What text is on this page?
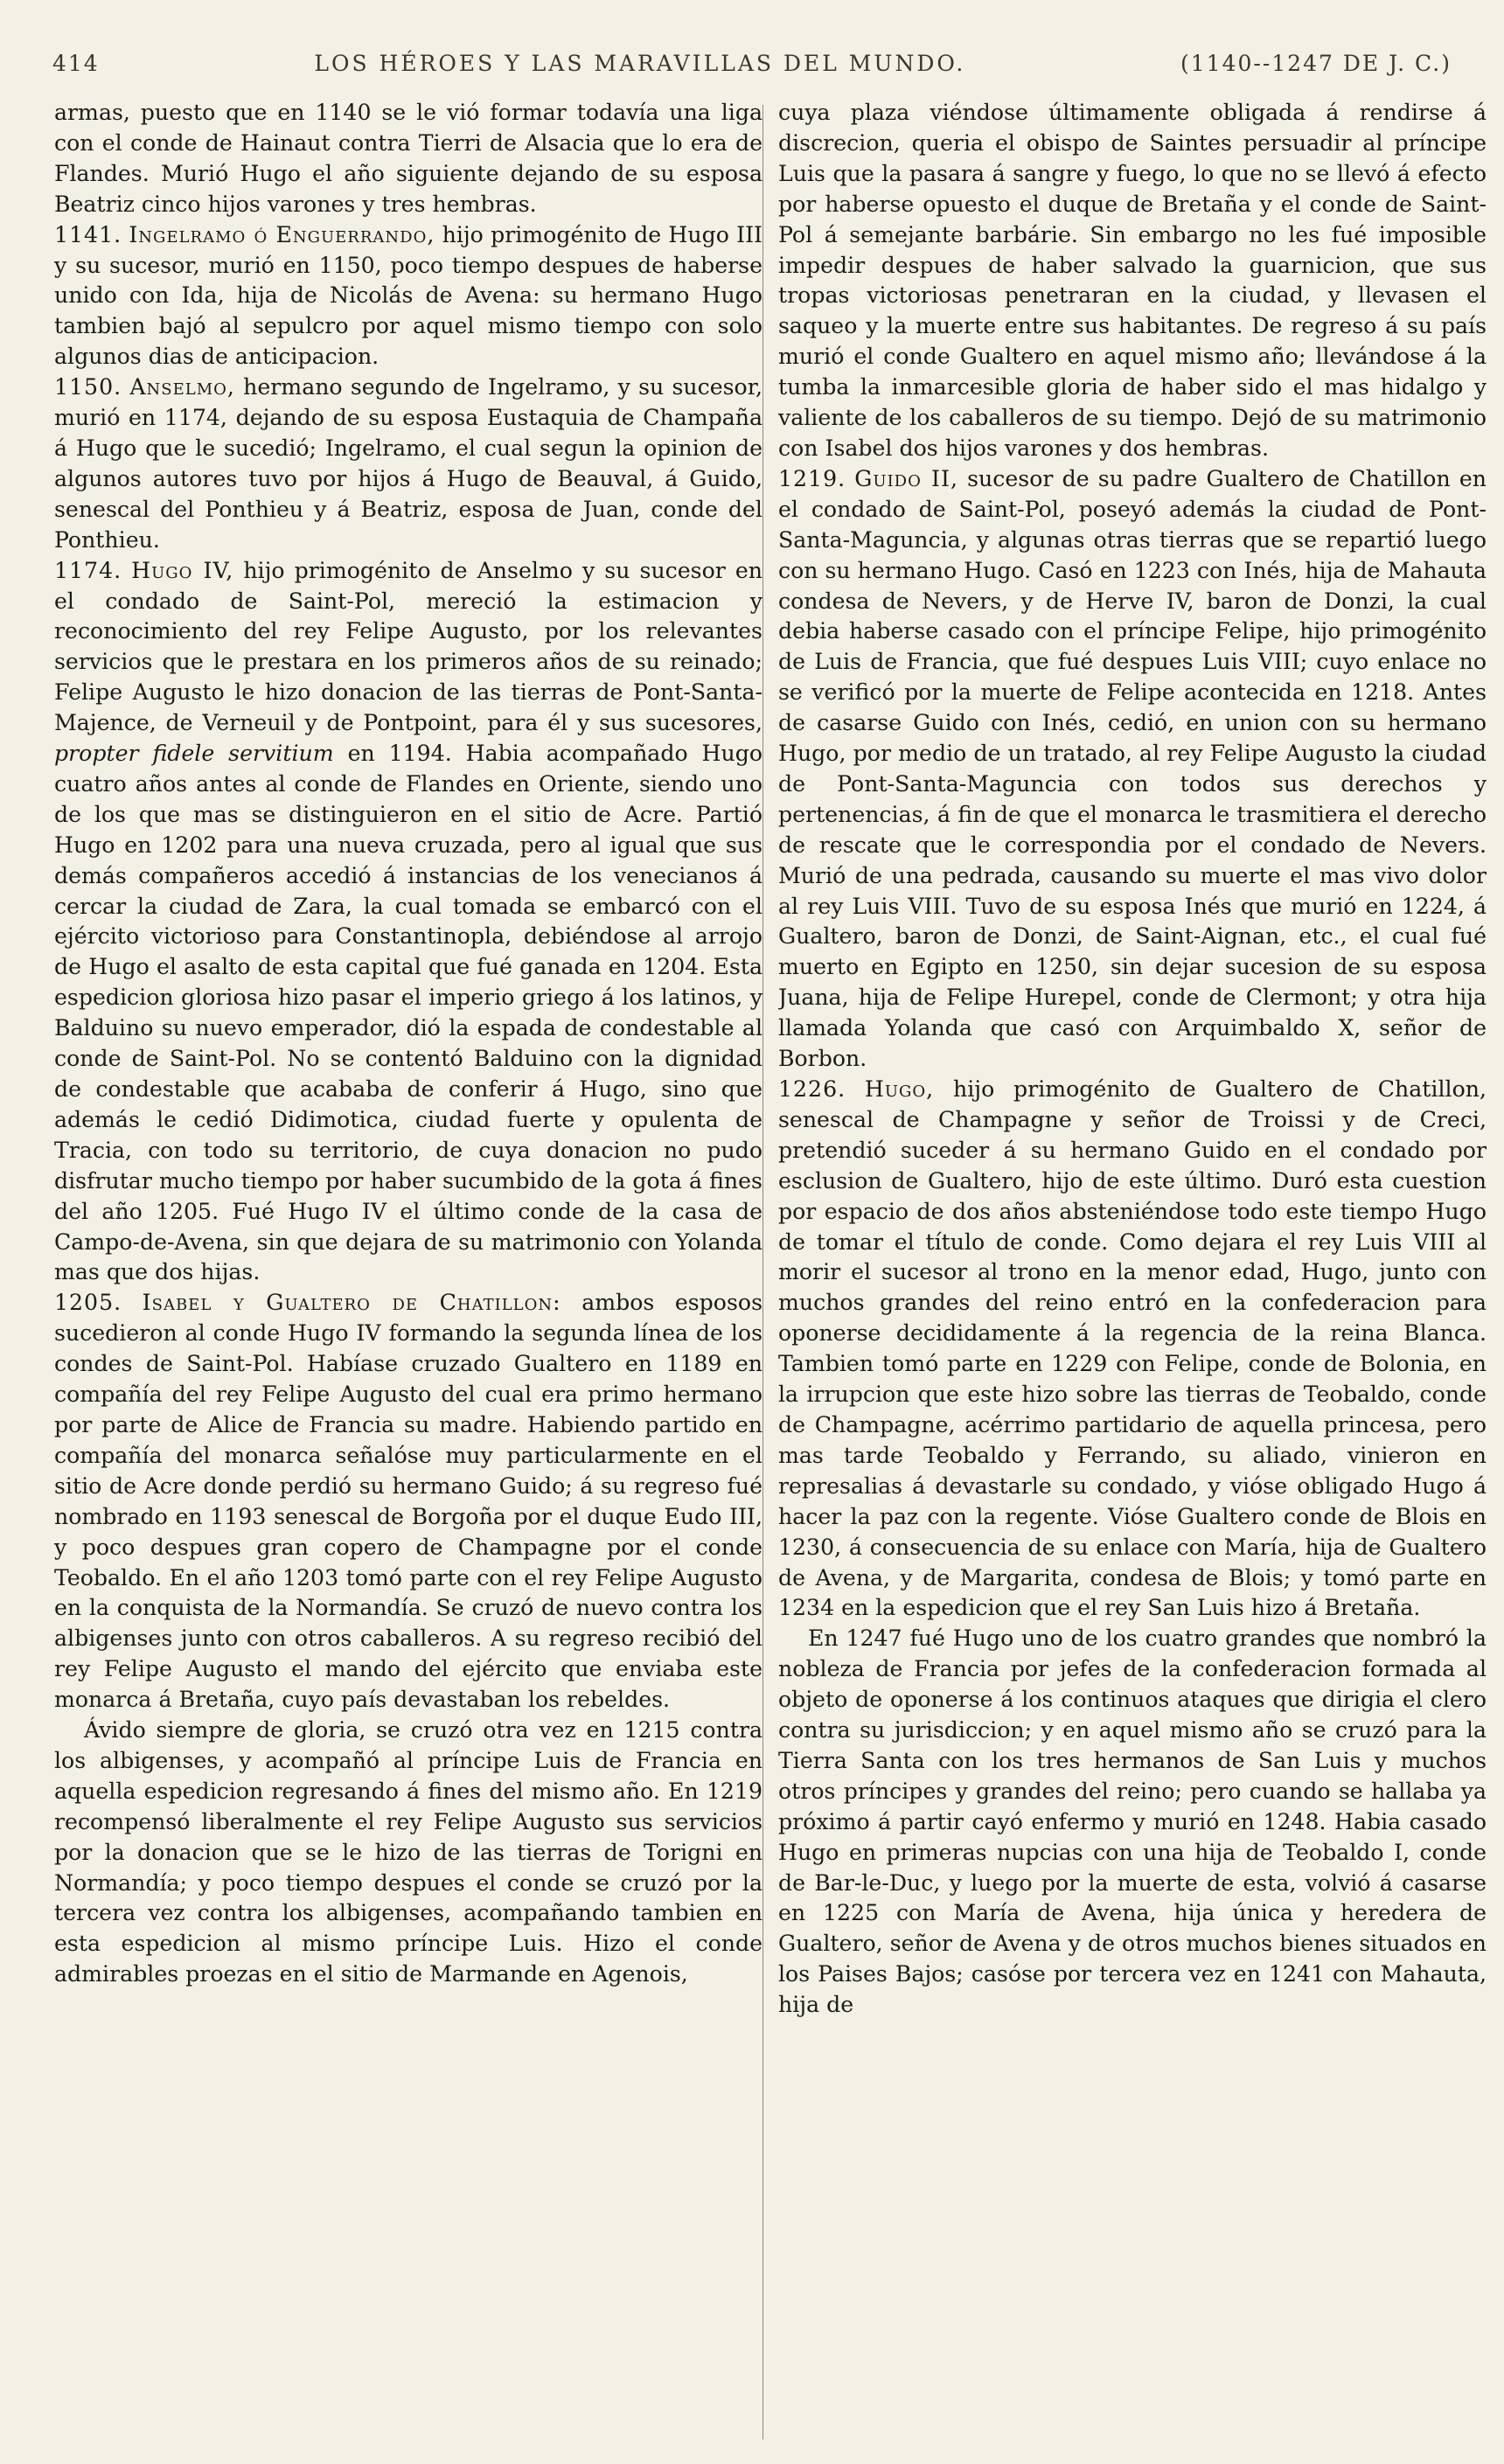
414	LOS HÉROES Y LAS MARAVILLAS DEL MUNDO.	(1140--1247 DE J. C.)

armas, puesto que en 1140 se le vió formar todavía una liga con el conde de Hainaut contra Tierri de Alsacia que lo era de Flandes. Murió Hugo el año siguiente dejando de su esposa Beatriz cinco hijos varones y tres hembras.

1141. Ingelramo ó Enguerrando, hijo primogénito de Hugo III y su sucesor, murió en 1150, poco tiempo despues de haberse unido con Ida, hija de Nicolás de Avena: su hermano Hugo tambien bajó al sepulcro por aquel mismo tiempo con solo algunos dias de anticipacion.

1150. Anselmo, hermano segundo de Ingelramo, y su sucesor, murió en 1174, dejando de su esposa Eustaquia de Champaña á Hugo que le sucedió; Ingelramo, el cual segun la opinion de algunos autores tuvo por hijos á Hugo de Beauval, á Guido, senescal del Ponthieu y á Beatriz, esposa de Juan, conde del Ponthieu.

1174. Hugo IV, hijo primogénito de Anselmo y su sucesor en el condado de Saint-Pol, mereció la estimacion y reconocimiento del rey Felipe Augusto, por los relevantes servicios que le prestara en los primeros años de su reinado; Felipe Augusto le hizo donacion de las tierras de Pont-Santa-Majence, de Verneuil y de Pontpoint, para él y sus sucesores, propter fidele servitium en 1194. Habia acompañado Hugo cuatro años antes al conde de Flandes en Oriente, siendo uno de los que mas se distinguieron en el sitio de Acre. Partió Hugo en 1202 para una nueva cruzada, pero al igual que sus demás compañeros accedió á instancias de los venecianos á cercar la ciudad de Zara, la cual tomada se embarcó con el ejército victorioso para Constantinopla, debiéndose al arrojo de Hugo el asalto de esta capital que fué ganada en 1204. Esta espedicion gloriosa hizo pasar el imperio griego á los latinos, y Balduino su nuevo emperador, dió la espada de condestable al conde de Saint-Pol. No se contentó Balduino con la dignidad de condestable que acababa de conferir á Hugo, sino que además le cedió Didimotica, ciudad fuerte y opulenta de Tracia, con todo su territorio, de cuya donacion no pudo disfrutar mucho tiempo por haber sucumbido de la gota á fines del año 1205. Fué Hugo IV el último conde de la casa de Campo-de-Avena, sin que dejara de su matrimonio con Yolanda mas que dos hijas.

1205. Isabel y Gualtero de Chatillon: ambos esposos sucedieron al conde Hugo IV formando la segunda línea de los condes de Saint-Pol. Habíase cruzado Gualtero en 1189 en compañía del rey Felipe Augusto del cual era primo hermano por parte de Alice de Francia su madre. Habiendo partido en compañía del monarca señalóse muy particularmente en el sitio de Acre donde perdió su hermano Guido; á su regreso fué nombrado en 1193 senescal de Borgoña por el duque Eudo III, y poco despues gran copero de Champagne por el conde Teobaldo. En el año 1203 tomó parte con el rey Felipe Augusto en la conquista de la Normandía. Se cruzó de nuevo contra los albigenses junto con otros caballeros. A su regreso recibió del rey Felipe Augusto el mando del ejército que enviaba este monarca á Bretaña, cuyo país devastaban los rebeldes.

Ávido siempre de gloria, se cruzó otra vez en 1215 contra los albigenses, y acompañó al príncipe Luis de Francia en aquella espedicion regresando á fines del mismo año. En 1219 recompensó liberalmente el rey Felipe Augusto sus servicios por la donacion que se le hizo de las tierras de Torigni en Normandía; y poco tiempo despues el conde se cruzó por la tercera vez contra los albigenses, acompañando tambien en esta espedicion al mismo príncipe Luis. Hizo el conde admirables proezas en el sitio de Marmande en Agenois,

cuya plaza viéndose últimamente obligada á rendirse á discrecion, queria el obispo de Saintes persuadir al príncipe Luis que la pasara á sangre y fuego, lo que no se llevó á efecto por haberse opuesto el duque de Bretaña y el conde de Saint-Pol á semejante barbárie. Sin embargo no les fué imposible impedir despues de haber salvado la guarnicion, que sus tropas victoriosas penetraran en la ciudad, y llevasen el saqueo y la muerte entre sus habitantes. De regreso á su país murió el conde Gualtero en aquel mismo año; llevándose á la tumba la inmarcesible gloria de haber sido el mas hidalgo y valiente de los caballeros de su tiempo. Dejó de su matrimonio con Isabel dos hijos varones y dos hembras.

1219. Guido II, sucesor de su padre Gualtero de Chatillon en el condado de Saint-Pol, poseyó además la ciudad de Pont-Santa-Maguncia, y algunas otras tierras que se repartió luego con su hermano Hugo. Casó en 1223 con Inés, hija de Mahauta condesa de Nevers, y de Herve IV, baron de Donzi, la cual debia haberse casado con el príncipe Felipe, hijo primogénito de Luis de Francia, que fué despues Luis VIII; cuyo enlace no se verificó por la muerte de Felipe acontecida en 1218. Antes de casarse Guido con Inés, cedió, en union con su hermano Hugo, por medio de un tratado, al rey Felipe Augusto la ciudad de Pont-Santa-Maguncia con todos sus derechos y pertenencias, á fin de que el monarca le trasmitiera el derecho de rescate que le correspondia por el condado de Nevers. Murió de una pedrada, causando su muerte el mas vivo dolor al rey Luis VIII. Tuvo de su esposa Inés que murió en 1224, á Gualtero, baron de Donzi, de Saint-Aignan, etc., el cual fué muerto en Egipto en 1250, sin dejar sucesion de su esposa Juana, hija de Felipe Hurepel, conde de Clermont; y otra hija llamada Yolanda que casó con Arquimbaldo X, señor de Borbon.

1226. Hugo, hijo primogénito de Gualtero de Chatillon, senescal de Champagne y señor de Troissi y de Creci, pretendió suceder á su hermano Guido en el condado por esclusion de Gualtero, hijo de este último. Duró esta cuestion por espacio de dos años absteniéndose todo este tiempo Hugo de tomar el título de conde. Como dejara el rey Luis VIII al morir el sucesor al trono en la menor edad, Hugo, junto con muchos grandes del reino entró en la confederacion para oponerse decididamente á la regencia de la reina Blanca. Tambien tomó parte en 1229 con Felipe, conde de Bolonia, en la irrupcion que este hizo sobre las tierras de Teobaldo, conde de Champagne, acérrimo partidario de aquella princesa, pero mas tarde Teobaldo y Ferrando, su aliado, vinieron en represalias á devastarle su condado, y vióse obligado Hugo á hacer la paz con la regente. Vióse Gualtero conde de Blois en 1230, á consecuencia de su enlace con María, hija de Gualtero de Avena, y de Margarita, condesa de Blois; y tomó parte en 1234 en la espedicion que el rey San Luis hizo á Bretaña.

En 1247 fué Hugo uno de los cuatro grandes que nombró la nobleza de Francia por jefes de la confederacion formada al objeto de oponerse á los continuos ataques que dirigia el clero contra su jurisdiccion; y en aquel mismo año se cruzó para la Tierra Santa con los tres hermanos de San Luis y muchos otros príncipes y grandes del reino; pero cuando se hallaba ya próximo á partir cayó enfermo y murió en 1248. Habia casado Hugo en primeras nupcias con una hija de Teobaldo I, conde de Bar-le-Duc, y luego por la muerte de esta, volvió á casarse en 1225 con María de Avena, hija única y heredera de Gualtero, señor de Avena y de otros muchos bienes situados en los Paises Bajos; casóse por tercera vez en 1241 con Mahauta, hija de
